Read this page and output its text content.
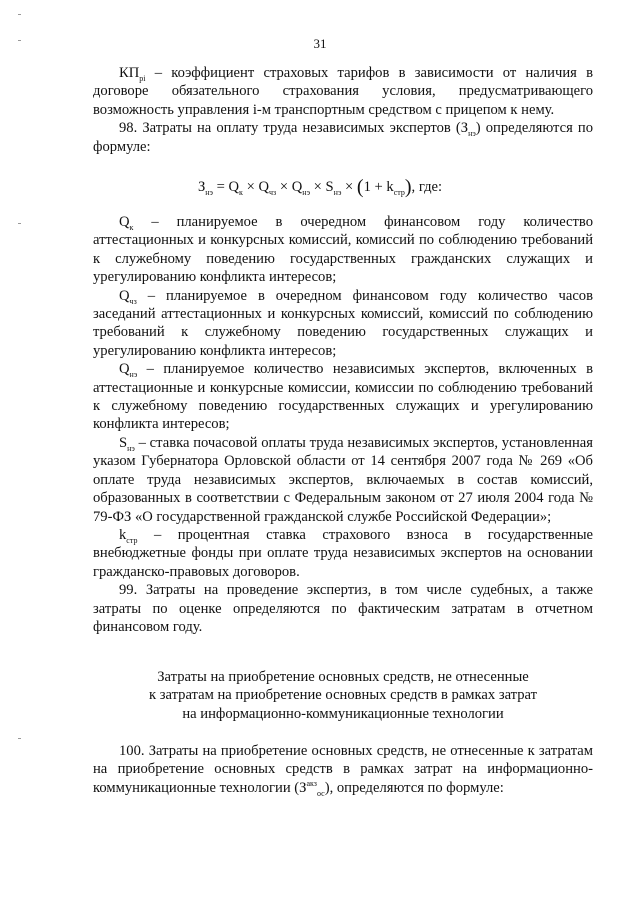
31

$КП_{рі}$ – коэффициент страховых тарифов в зависимости от наличия в договоре обязательного страхования условия, предусматривающего возможность управления i-м транспортным средством с прицепом к нему.

98. Затраты на оплату труда независимых экспертов $(З_{нэ})$ определяются по формуле:

$З_{нэ} = Q_к \times Q_{чз} \times Q_{нэ} \times S_{нэ} \times (1 + k_{стр})$, где:

$Q_к$ – планируемое в очередном финансовом году количество аттестационных и конкурсных комиссий, комиссий по соблюдению требований к служебному поведению государственных гражданских служащих и урегулированию конфликта интересов;

$Q_{чз}$ – планируемое в очередном финансовом году количество часов заседаний аттестационных и конкурсных комиссий, комиссий по соблюдению требований к служебному поведению государственных служащих и урегулированию конфликта интересов;

$Q_{нэ}$ – планируемое количество независимых экспертов, включенных в аттестационные и конкурсные комиссии, комиссии по соблюдению требований к служебному поведению государственных служащих и урегулированию конфликта интересов;

$S_{нэ}$ – ставка почасовой оплаты труда независимых экспертов, установленная указом Губернатора Орловской области от 14 сентября 2007 года № 269 «Об оплате труда независимых экспертов, включаемых в состав комиссий, образованных в соответствии с Федеральным законом от 27 июля 2004 года № 79-ФЗ «О государственной гражданской службе Российской Федерации»;

$k_{стр}$ – процентная ставка страхового взноса в государственные внебюджетные фонды при оплате труда независимых экспертов на основании гражданско-правовых договоров.

99. Затраты на проведение экспертиз, в том числе судебных, а также затраты по оценке определяются по фактическим затратам в отчетном финансовом году.

Затраты на приобретение основных средств, не отнесенные
к затратам на приобретение основных средств в рамках затрат
на информационно-коммуникационные технологии

100. Затраты на приобретение основных средств, не отнесенные к затратам на приобретение основных средств в рамках затрат на информационно-коммуникационные технологии $(З^{акз}_{ос})$, определяются по формуле:
